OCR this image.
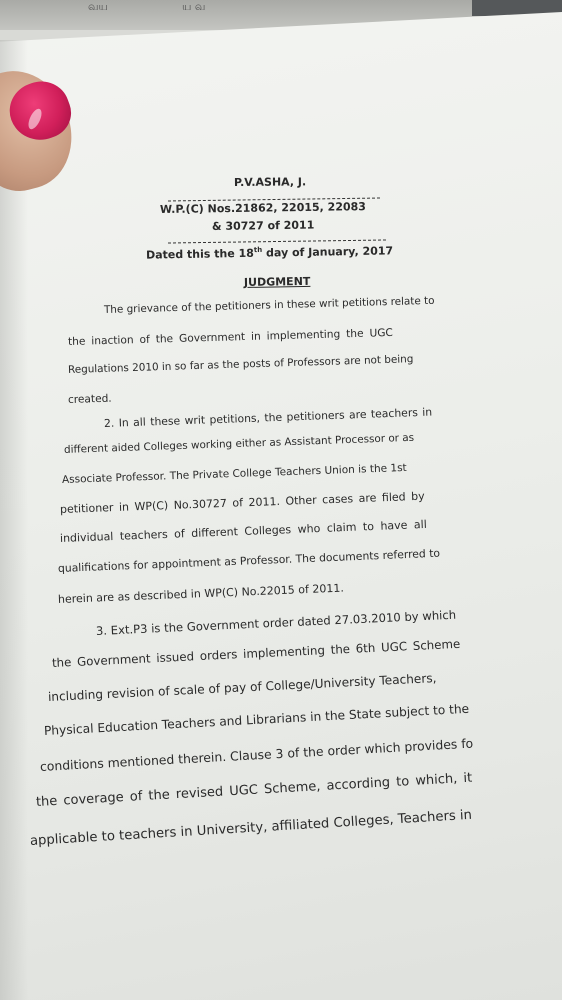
வய	ய வ
P.V.ASHA, J.
W.P.(C) Nos.21862, 22015, 22083
& 30727 of 2011
Dated this the 18th day of January, 2017
JUDGMENT
The grievance of the petitioners in these writ petitions relate to
the inaction of the Government in implementing the UGC
Regulations 2010 in so far as the posts of Professors are not being
created.
2. In all these writ petitions, the petitioners are teachers in
different aided Colleges working either as Assistant Processor or as
Associate Professor. The Private College Teachers Union is the 1st
petitioner in WP(C) No.30727 of 2011. Other cases are filed by
individual teachers of different Colleges who claim to have all
qualifications for appointment as Professor. The documents referred to
herein are as described in WP(C) No.22015 of 2011.
3. Ext.P3 is the Government order dated 27.03.2010 by which
the Government issued orders implementing the 6th UGC Scheme
including revision of scale of pay of College/University Teachers,
Physical Education Teachers and Librarians in the State subject to the
conditions mentioned therein. Clause 3 of the order which provides fo
the coverage of the revised UGC Scheme, according to which, it
applicable to teachers in University, affiliated Colleges, Teachers in
